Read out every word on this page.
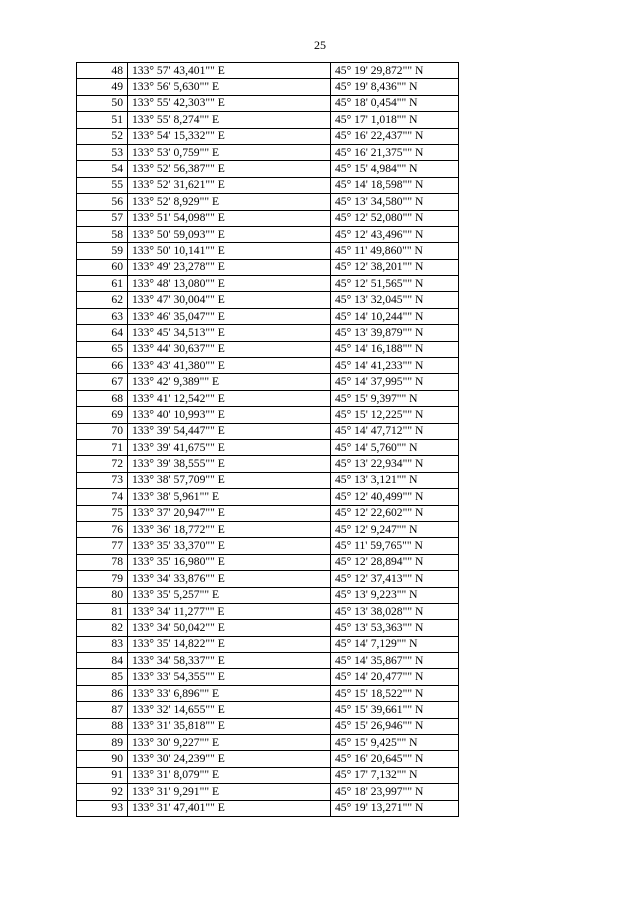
25
48	133° 57' 43,401"" E	45° 19' 29,872"" N
49	133° 56' 5,630"" E	45° 19' 8,436"" N
50	133° 55' 42,303"" E	45° 18' 0,454"" N
51	133° 55' 8,274"" E	45° 17' 1,018"" N
52	133° 54' 15,332"" E	45° 16' 22,437"" N
53	133° 53' 0,759"" E	45° 16' 21,375"" N
54	133° 52' 56,387"" E	45° 15' 4,984"" N
55	133° 52' 31,621"" E	45° 14' 18,598"" N
56	133° 52' 8,929"" E	45° 13' 34,580"" N
57	133° 51' 54,098"" E	45° 12' 52,080"" N
58	133° 50' 59,093"" E	45° 12' 43,496"" N
59	133° 50' 10,141"" E	45° 11' 49,860"" N
60	133° 49' 23,278"" E	45° 12' 38,201"" N
61	133° 48' 13,080"" E	45° 12' 51,565"" N
62	133° 47' 30,004"" E	45° 13' 32,045"" N
63	133° 46' 35,047"" E	45° 14' 10,244"" N
64	133° 45' 34,513"" E	45° 13' 39,879"" N
65	133° 44' 30,637"" E	45° 14' 16,188"" N
66	133° 43' 41,380"" E	45° 14' 41,233"" N
67	133° 42' 9,389"" E	45° 14' 37,995"" N
68	133° 41' 12,542"" E	45° 15' 9,397"" N
69	133° 40' 10,993"" E	45° 15' 12,225"" N
70	133° 39' 54,447"" E	45° 14' 47,712"" N
71	133° 39' 41,675"" E	45° 14' 5,760"" N
72	133° 39' 38,555"" E	45° 13' 22,934"" N
73	133° 38' 57,709"" E	45° 13' 3,121"" N
74	133° 38' 5,961"" E	45° 12' 40,499"" N
75	133° 37' 20,947"" E	45° 12' 22,602"" N
76	133° 36' 18,772"" E	45° 12' 9,247"" N
77	133° 35' 33,370"" E	45° 11' 59,765"" N
78	133° 35' 16,980"" E	45° 12' 28,894"" N
79	133° 34' 33,876"" E	45° 12' 37,413"" N
80	133° 35' 5,257"" E	45° 13' 9,223"" N
81	133° 34' 11,277"" E	45° 13' 38,028"" N
82	133° 34' 50,042"" E	45° 13' 53,363"" N
83	133° 35' 14,822"" E	45° 14' 7,129"" N
84	133° 34' 58,337"" E	45° 14' 35,867"" N
85	133° 33' 54,355"" E	45° 14' 20,477"" N
86	133° 33' 6,896"" E	45° 15' 18,522"" N
87	133° 32' 14,655"" E	45° 15' 39,661"" N
88	133° 31' 35,818"" E	45° 15' 26,946"" N
89	133° 30' 9,227"" E	45° 15' 9,425"" N
90	133° 30' 24,239"" E	45° 16' 20,645"" N
91	133° 31' 8,079"" E	45° 17' 7,132"" N
92	133° 31' 9,291"" E	45° 18' 23,997"" N
93	133° 31' 47,401"" E	45° 19' 13,271"" N
